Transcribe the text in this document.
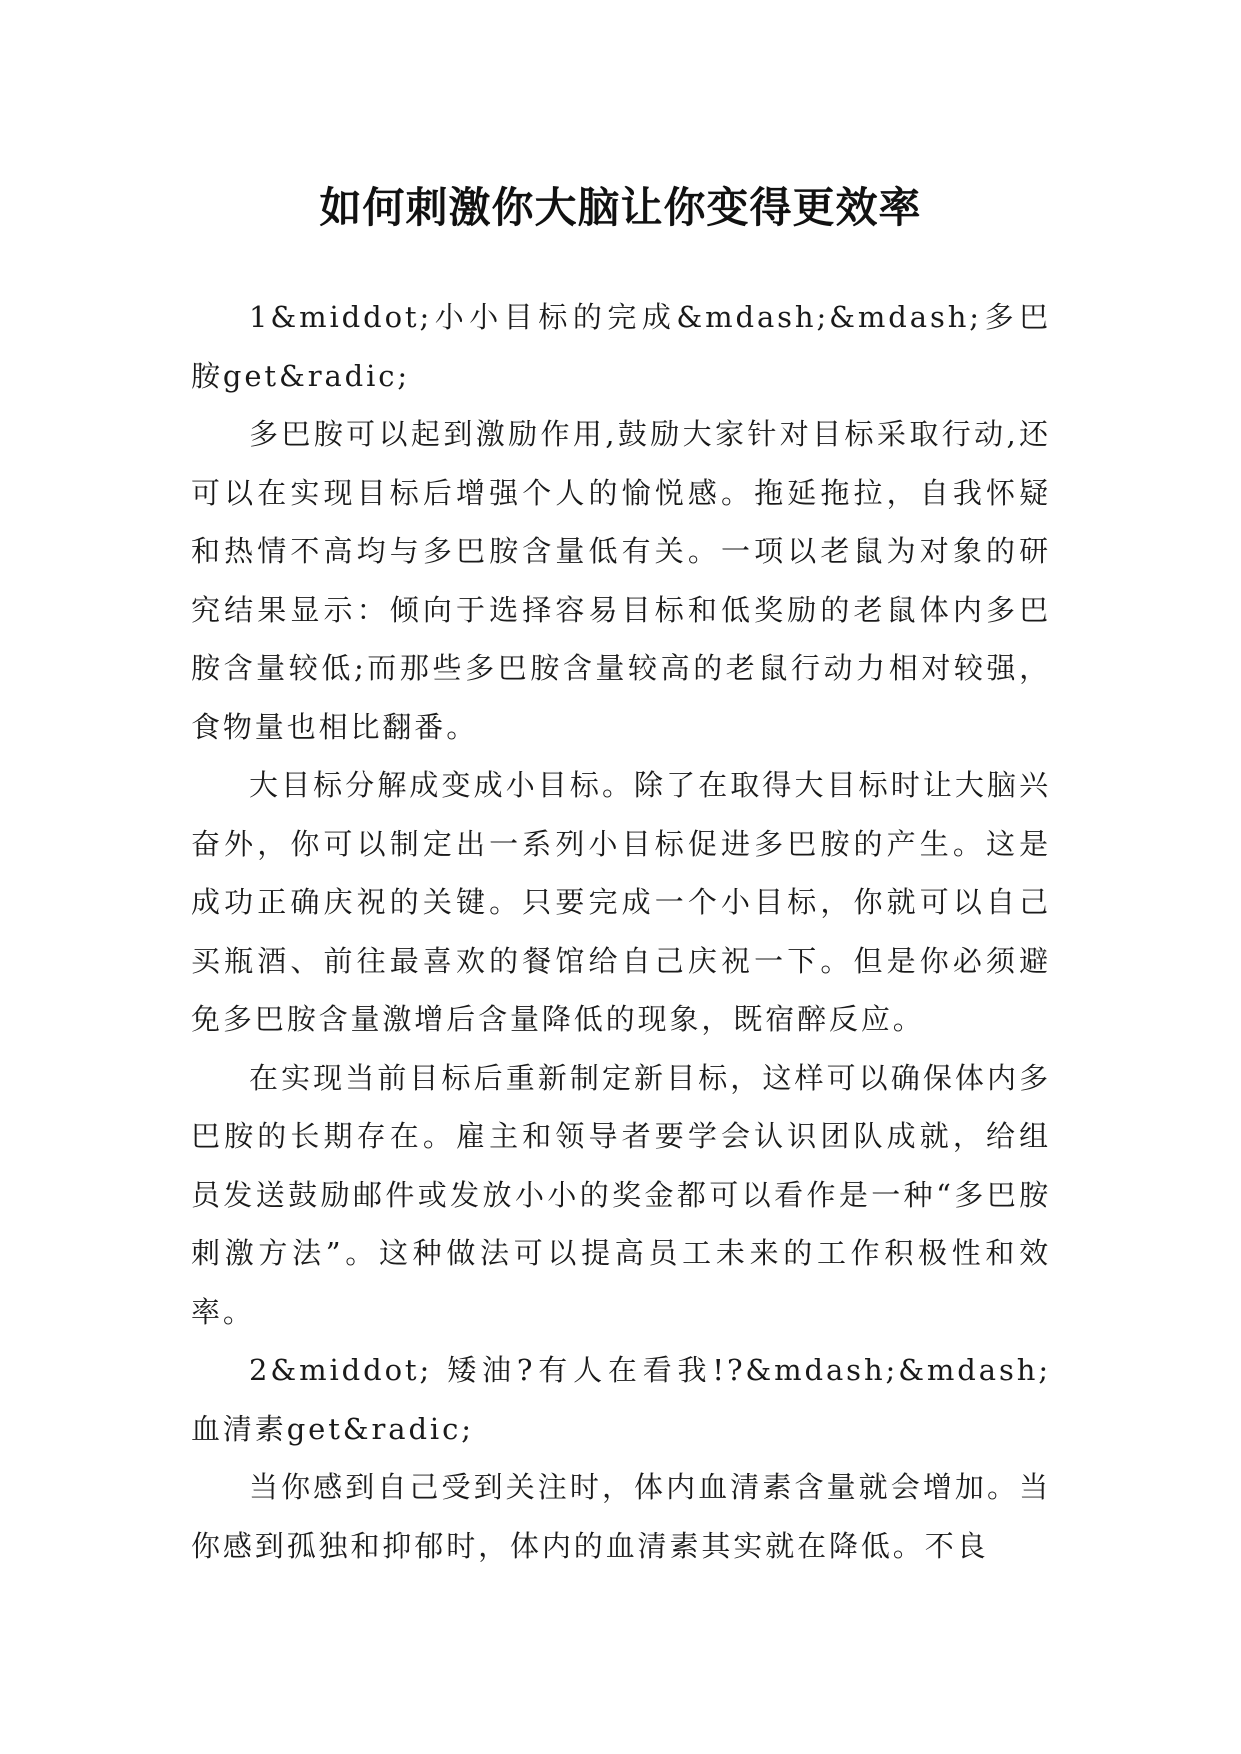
如何刺激你大脑让你变得更效率

1&middot;小小目标的完成&mdash;&mdash;多巴胺get&radic;

多巴胺可以起到激励作用,鼓励大家针对目标采取行动,还可以在实现目标后增强个人的愉悦感。拖延拖拉，自我怀疑和热情不高均与多巴胺含量低有关。一项以老鼠为对象的研究结果显示：倾向于选择容易目标和低奖励的老鼠体内多巴胺含量较低;而那些多巴胺含量较高的老鼠行动力相对较强，食物量也相比翻番。

大目标分解成变成小目标。除了在取得大目标时让大脑兴奋外，你可以制定出一系列小目标促进多巴胺的产生。这是成功正确庆祝的关键。只要完成一个小目标，你就可以自己买瓶酒、前往最喜欢的餐馆给自己庆祝一下。但是你必须避免多巴胺含量激增后含量降低的现象，既宿醉反应。

在实现当前目标后重新制定新目标，这样可以确保体内多巴胺的长期存在。雇主和领导者要学会认识团队成就，给组员发送鼓励邮件或发放小小的奖金都可以看作是一种“多巴胺刺激方法”。这种做法可以提高员工未来的工作积极性和效率。

2&middot; 矮油?有人在看我!?&mdash;&mdash;血清素get&radic;

当你感到自己受到关注时，体内血清素含量就会增加。当你感到孤独和抑郁时，体内的血清素其实就在降低。不良
